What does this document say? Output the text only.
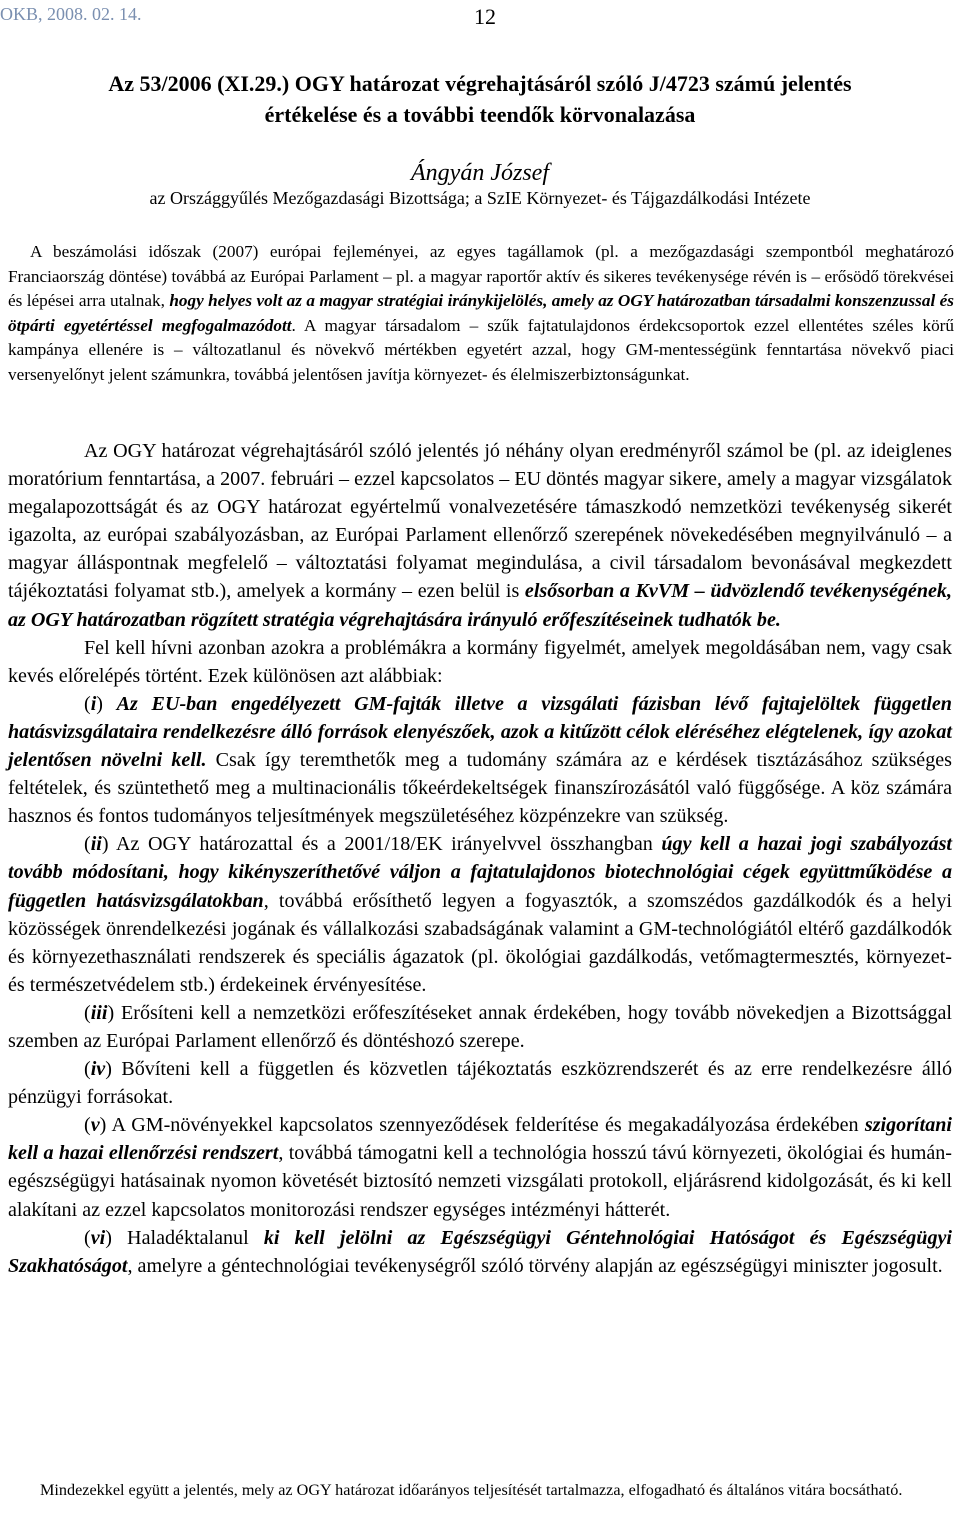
OKB, 2008. 02. 14.	12
Az 53/2006 (XI.29.) OGY határozat végrehajtásáról szóló J/4723 számú jelentés
értékelése és a további teendők körvonalazása
Ángyán József
az Országgyűlés Mezőgazdasági Bizottsága; a SzIE Környezet- és Tájgazdálkodási Intézete

A beszámolási időszak (2007) európai fejleményei, az egyes tagállamok (pl. a mezőgazdasági szempontból meghatározó Franciaország döntése) továbbá az Európai Parlament – pl. a magyar raportőr aktív és sikeres tevékenysége révén is – erősödő törekvései és lépései arra utalnak, hogy helyes volt az a magyar stratégiai iránykijelölés, amely az OGY határozatban társadalmi konszenzussal és ötpárti egyetértéssel megfogalmazódott. A magyar társadalom – szűk fajtatulajdonos érdekcsoportok ezzel ellentétes széles körű kampánya ellenére is – változatlanul és növekvő mértékben egyetért azzal, hogy GM-mentességünk fenntartása növekvő piaci versenyelőnyt jelent számunkra, továbbá jelentősen javítja környezet- és élelmiszerbiztonságunkat.

Az OGY határozat végrehajtásáról szóló jelentés jó néhány olyan eredményről számol be (pl. az ideiglenes moratórium fenntartása, a 2007. februári – ezzel kapcsolatos – EU döntés magyar sikere, amely a magyar vizsgálatok megalapozottságát és az OGY határozat egyértelmű vonalvezetésére támaszkodó nemzetközi tevékenység sikerét igazolta, az európai szabályozásban, az Európai Parlament ellenőrző szerepének növekedésében megnyilvánuló – a magyar álláspontnak megfelelő – változtatási folyamat megindulása, a civil társadalom bevonásával megkezdett tájékoztatási folyamat stb.), amelyek a kormány – ezen belül is elsősorban a KvVM – üdvözlendő tevékenységének, az OGY határozatban rögzített stratégia végrehajtására irányuló erőfeszítéseinek tudhatók be.

Fel kell hívni azonban azokra a problémákra a kormány figyelmét, amelyek megoldásában nem, vagy csak kevés előrelépés történt. Ezek különösen azt alábbiak:

(i) Az EU-ban engedélyezett GM-fajták illetve a vizsgálati fázisban lévő fajtajelöltek független hatásvizsgálataira rendelkezésre álló források elenyészőek, azok a kitűzött célok eléréséhez elégtelenek, így azokat jelentősen növelni kell. Csak így teremthetők meg a tudomány számára az e kérdések tisztázásához szükséges feltételek, és szüntethető meg a multinacionális tőkeérdekeltségek finanszírozásától való függősége. A köz számára hasznos és fontos tudományos teljesítmények megszületéséhez közpénzekre van szükség.

(ii) Az OGY határozattal és a 2001/18/EK irányelvvel összhangban úgy kell a hazai jogi szabályozást tovább módosítani, hogy kikényszeríthetővé váljon a fajtatulajdonos biotechnológiai cégek együttműködése a független hatásvizsgálatokban, továbbá erősíthető legyen a fogyasztók, a szomszédos gazdálkodók és a helyi közösségek önrendelkezési jogának és vállalkozási szabadságának valamint a GM-technológiától eltérő gazdálkodók és környezethasználati rendszerek és speciális ágazatok (pl. ökológiai gazdálkodás, vetőmagtermesztés, környezet- és természetvédelem stb.) érdekeinek érvényesítése.

(iii) Erősíteni kell a nemzetközi erőfeszítéseket annak érdekében, hogy tovább növekedjen a Bizottsággal szemben az Európai Parlament ellenőrző és döntéshozó szerepe.

(iv) Bővíteni kell a független és közvetlen tájékoztatás eszközrendszerét és az erre rendelkezésre álló pénzügyi forrásokat.

(v) A GM-növényekkel kapcsolatos szennyeződések felderítése és megakadályozása érdekében szigorítani kell a hazai ellenőrzési rendszert, továbbá támogatni kell a technológia hosszú távú környezeti, ökológiai és humán-egészségügyi hatásainak nyomon követését biztosító nemzeti vizsgálati protokoll, eljárásrend kidolgozását, és ki kell alakítani az ezzel kapcsolatos monitorozási rendszer egységes intézményi hátterét.

(vi) Haladéktalanul ki kell jelölni az Egészségügyi Géntehnológiai Hatóságot és Egészségügyi Szakhatóságot, amelyre a géntechnológiai tevékenységről szóló törvény alapján az egészségügyi miniszter jogosult.

Mindezekkel együtt a jelentés, mely az OGY határozat időarányos teljesítését tartalmazza, elfogadható és általános vitára bocsátható.
